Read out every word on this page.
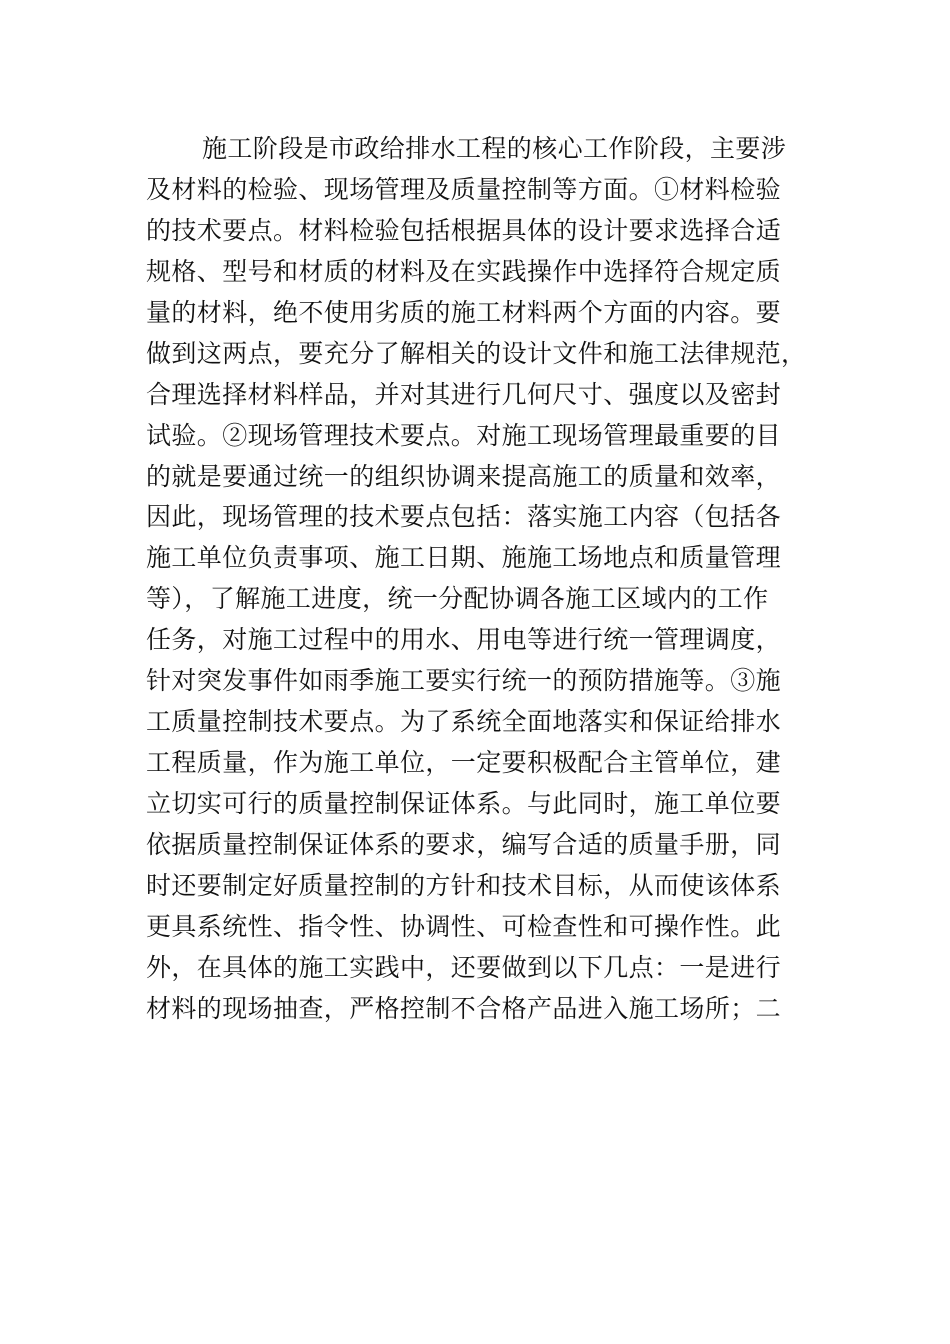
施工阶段是市政给排水工程的核心工作阶段，主要涉
及材料的检验、现场管理及质量控制等方面。①材料检验
的技术要点。材料检验包括根据具体的设计要求选择合适
规格、型号和材质的材料及在实践操作中选择符合规定质
量的材料，绝不使用劣质的施工材料两个方面的内容。要
做到这两点，要充分了解相关的设计文件和施工法律规范，
合理选择材料样品，并对其进行几何尺寸、强度以及密封
试验。②现场管理技术要点。对施工现场管理最重要的目
的就是要通过统一的组织协调来提高施工的质量和效率，
因此，现场管理的技术要点包括：落实施工内容（包括各
施工单位负责事项、施工日期、施施工场地点和质量管理
等），了解施工进度，统一分配协调各施工区域内的工作
任务，对施工过程中的用水、用电等进行统一管理调度，
针对突发事件如雨季施工要实行统一的预防措施等。③施
工质量控制技术要点。为了系统全面地落实和保证给排水
工程质量，作为施工单位，一定要积极配合主管单位，建
立切实可行的质量控制保证体系。与此同时，施工单位要
依据质量控制保证体系的要求，编写合适的质量手册，同
时还要制定好质量控制的方针和技术目标，从而使该体系
更具系统性、指令性、协调性、可检查性和可操作性。此
外，在具体的施工实践中，还要做到以下几点：一是进行
材料的现场抽查，严格控制不合格产品进入施工场所；二
